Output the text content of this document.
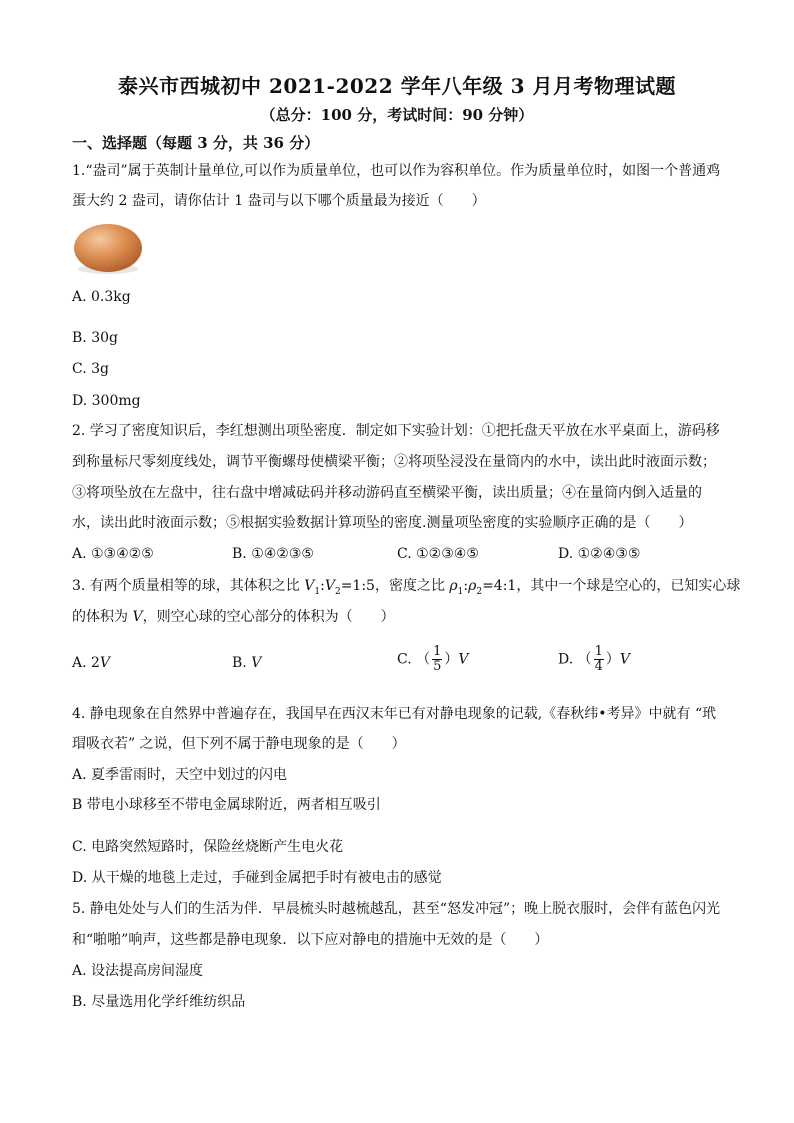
泰兴市西城初中 2021-2022 学年八年级 3 月月考物理试题
（总分：100 分，考试时间：90 分钟）
一、选择题（每题 3 分，共 36 分）
1.“盎司”属于英制计量单位,可以作为质量单位，也可以作为容积单位。作为质量单位时，如图一个普通鸡
蛋大约 2 盎司，请你估计 1 盎司与以下哪个质量最为接近（　　）
A. 0.3kg
B. 30g
C. 3g
D. 300mg
2. 学习了密度知识后，李红想测出项坠密度．制定如下实验计划：①把托盘天平放在水平桌面上，游码移
到称量标尺零刻度线处，调节平衡螺母使横梁平衡；②将项坠浸没在量筒内的水中，读出此时液面示数；
③将项坠放在左盘中，往右盘中增减砝码并移动游码直至横梁平衡，读出质量；④在量筒内倒入适量的
水，读出此时液面示数；⑤根据实验数据计算项坠的密度.测量项坠密度的实验顺序正确的是（　　）
A. ①③④②⑤	B. ①④②③⑤	C. ①②③④⑤	D. ①②④③⑤
3. 有两个质量相等的球，其体积之比 $V_1:V_2=1:5$，密度之比 $\rho_1:\rho_2=4:1$，其中一个球是空心的，已知实心球
的体积为 V，则空心球的空心部分的体积为（　　）
A. 2V	B. V	C. （ $\frac{1}{5} )V$	D. （ $\frac{1}{4} )V$
4. 静电现象在自然界中普遍存在，我国早在西汉末年已有对静电现象的记载,《春秋纬•考异》中就有 “玳
瑁吸衣若” 之说，但下列不属于静电现象的是（　　）
A. 夏季雷雨时，天空中划过的闪电
B 带电小球移至不带电金属球附近，两者相互吸引
C. 电路突然短路时，保险丝烧断产生电火花
D. 从干燥的地毯上走过，手碰到金属把手时有被电击的感觉
5. 静电处处与人们的生活为伴．早晨梳头时越梳越乱，甚至“怒发冲冠”；晚上脱衣服时，会伴有蓝色闪光
和“啪啪”响声，这些都是静电现象．以下应对静电的措施中无效的是（　　）
A. 设法提高房间湿度
B. 尽量选用化学纤维纺织品
